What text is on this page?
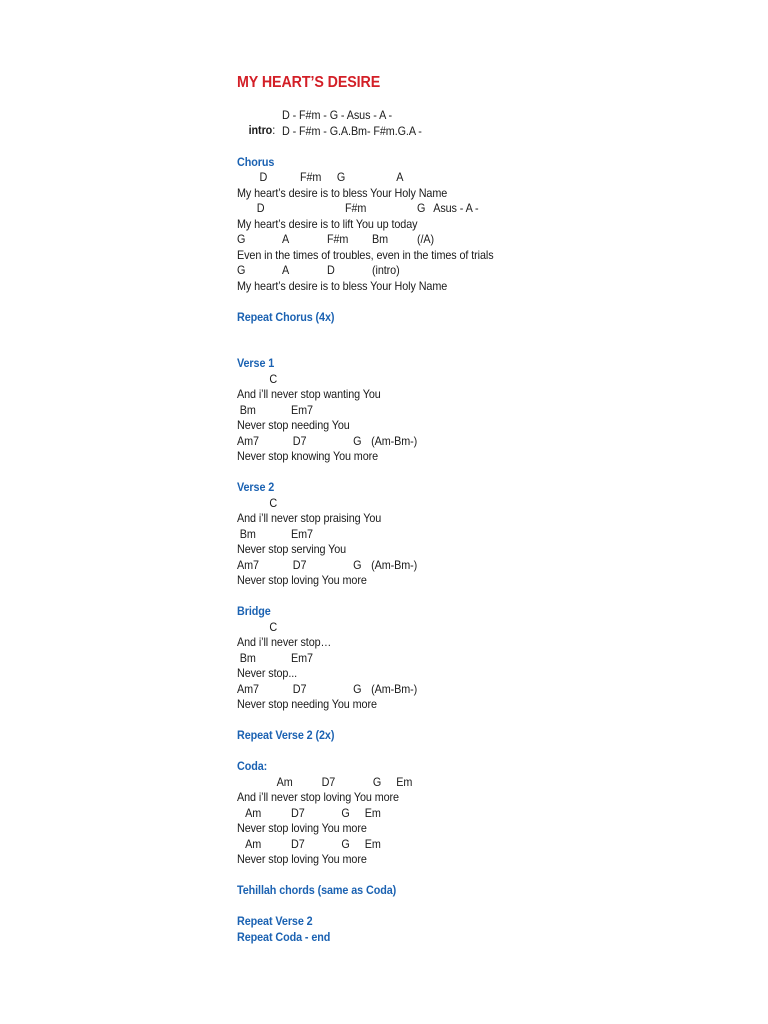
MY HEART’S DESIRE

intro:

D - F#m - G - Asus - A -

D - F#m - G.A.Bm- F#m.G.A -

Chorus
D	F#m G	A
My heart’s desire is to bless Your Holy Name
D	F#m	G Asus - A -
My heart’s desire is to lift You up today
G	A	F#m Bm (/A)
Even in the times of troubles, even in the times of trials
G	A	D	(intro)
My heart’s desire is to bless Your Holy Name
Repeat Chorus (4x)
Verse 1
C
And i’ll never stop wanting You
Bm	Em7
Never stop needing You
Am7	D7	G (Am-Bm-)
Never stop knowing You more
Verse 2
C
And i’ll never stop praising You
Bm	Em7
Never stop serving You
Am7	D7	G (Am-Bm-)
Never stop loving You more
Bridge
C
And i’ll never stop…
Bm	Em7
Never stop...
Am7	D7	G (Am-Bm-)
Never stop needing You more
Repeat Verse 2 (2x)
Coda:
Am D7	G Em
And i’ll never stop loving You more
Am D7	G Em
Never stop loving You more
Am D7	G Em
Never stop loving You more
Tehillah chords (same as Coda)
Repeat Verse 2
Repeat Coda - end
